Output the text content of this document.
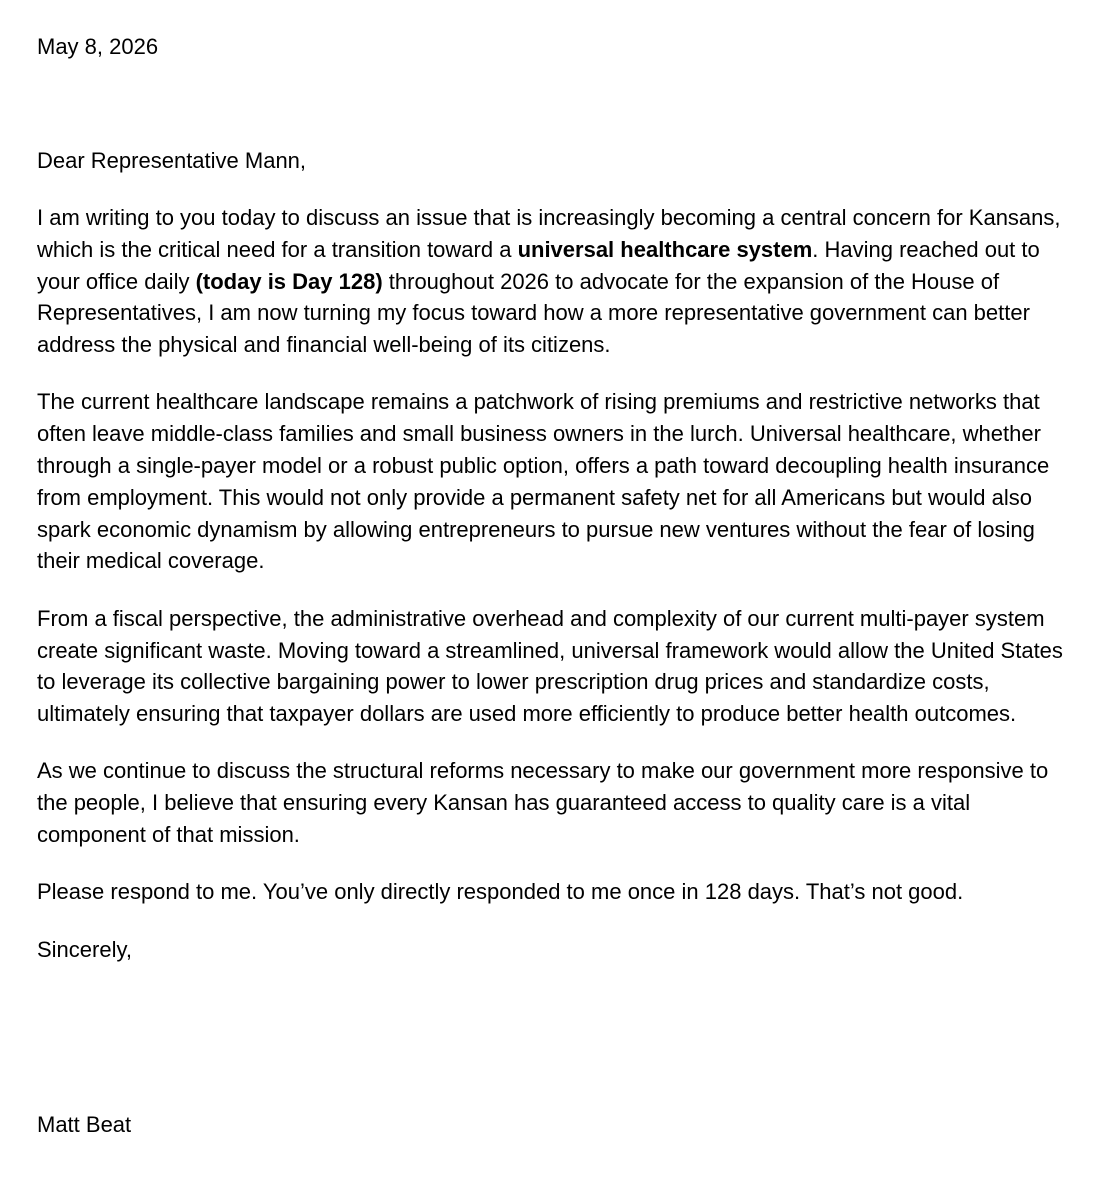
May 8, 2026

Dear Representative Mann,

I am writing to you today to discuss an issue that is increasingly becoming a central concern for Kansans, which is the critical need for a transition toward a universal healthcare system. Having reached out to your office daily (today is Day 128) throughout 2026 to advocate for the expansion of the House of Representatives, I am now turning my focus toward how a more representative government can better address the physical and financial well-being of its citizens.

The current healthcare landscape remains a patchwork of rising premiums and restrictive networks that often leave middle-class families and small business owners in the lurch. Universal healthcare, whether through a single-payer model or a robust public option, offers a path toward decoupling health insurance from employment. This would not only provide a permanent safety net for all Americans but would also spark economic dynamism by allowing entrepreneurs to pursue new ventures without the fear of losing their medical coverage.

From a fiscal perspective, the administrative overhead and complexity of our current multi-payer system create significant waste. Moving toward a streamlined, universal framework would allow the United States to leverage its collective bargaining power to lower prescription drug prices and standardize costs, ultimately ensuring that taxpayer dollars are used more efficiently to produce better health outcomes.

As we continue to discuss the structural reforms necessary to make our government more responsive to the people, I believe that ensuring every Kansan has guaranteed access to quality care is a vital component of that mission.

Please respond to me. You’ve only directly responded to me once in 128 days. That’s not good.

Sincerely,

Matt Beat
